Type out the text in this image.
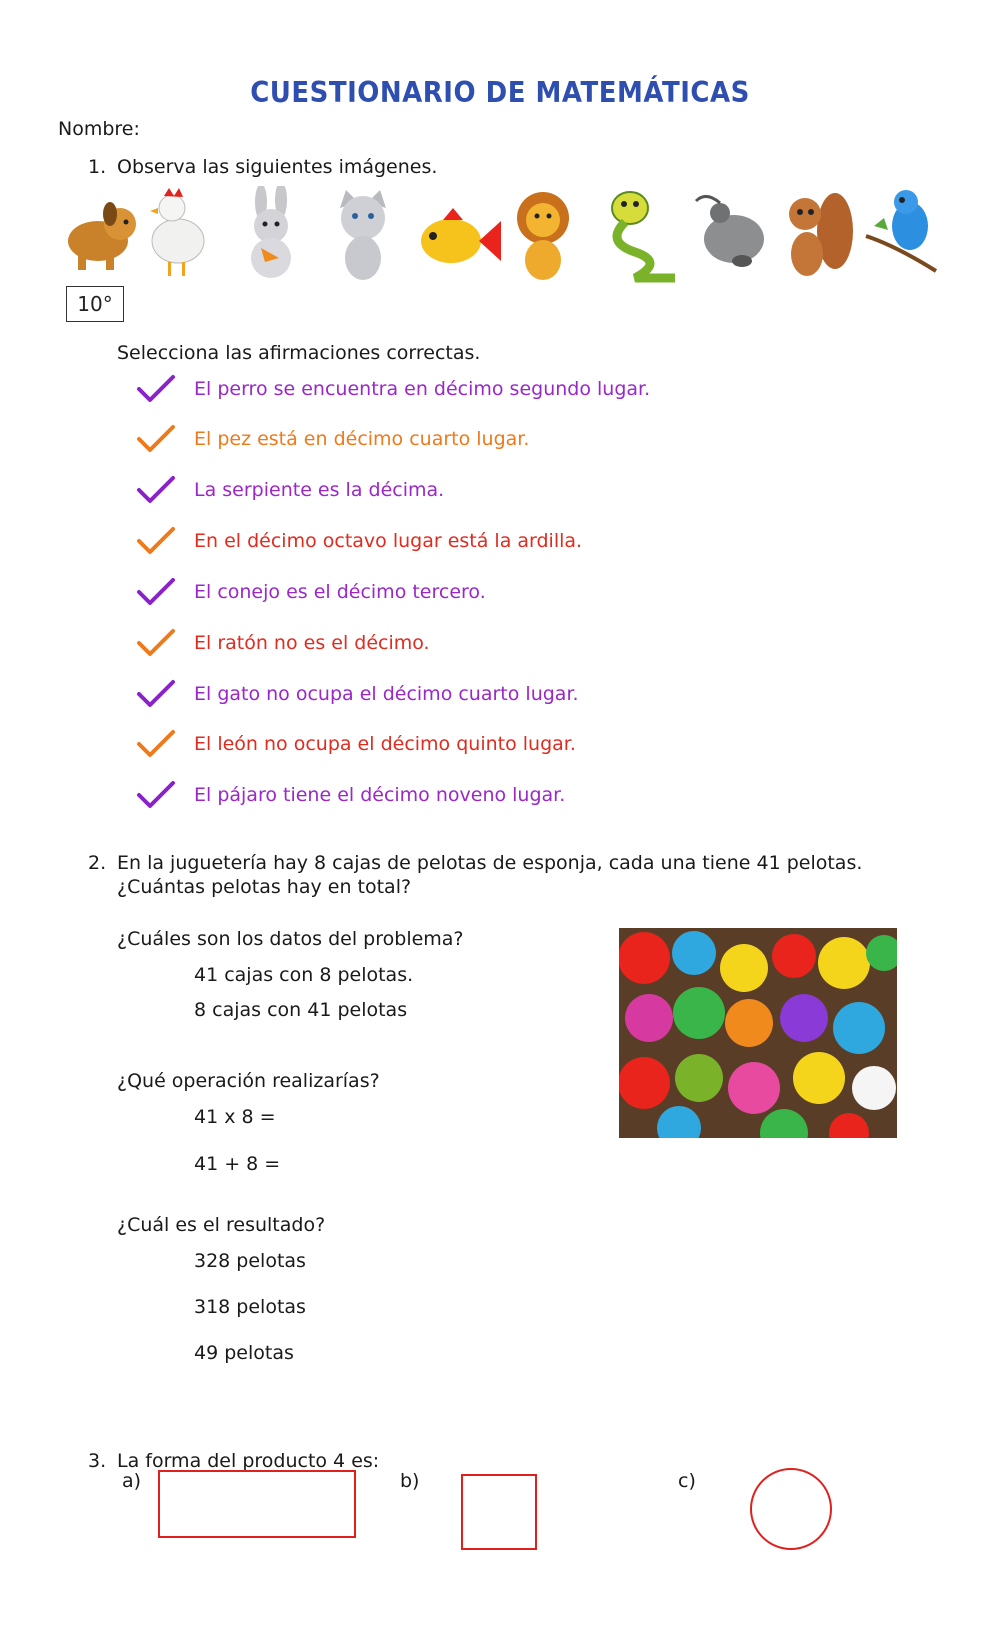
CUESTIONARIO DE MATEMÁTICAS
Nombre:
1. Observa las siguientes imágenes.
10°
Selecciona las afirmaciones correctas.
El perro se encuentra en décimo segundo lugar.
El pez está en décimo cuarto lugar.
La serpiente es la décima.
En el décimo octavo lugar está la ardilla.
El conejo es el décimo tercero.
El ratón no es el décimo.
El gato no ocupa el décimo cuarto lugar.
El león no ocupa el décimo quinto lugar.
El pájaro tiene el décimo noveno lugar.
2. En la juguetería hay 8 cajas de pelotas de esponja, cada una tiene 41 pelotas.
¿Cuántas pelotas hay en total?
¿Cuáles son los datos del problema?
41 cajas con 8 pelotas.
8 cajas con 41 pelotas
¿Qué operación realizarías?
41 x 8 =
41 + 8 =
¿Cuál es el resultado?
328 pelotas
318 pelotas
49 pelotas
3. La forma del producto 4 es:
a)	b)	c)
